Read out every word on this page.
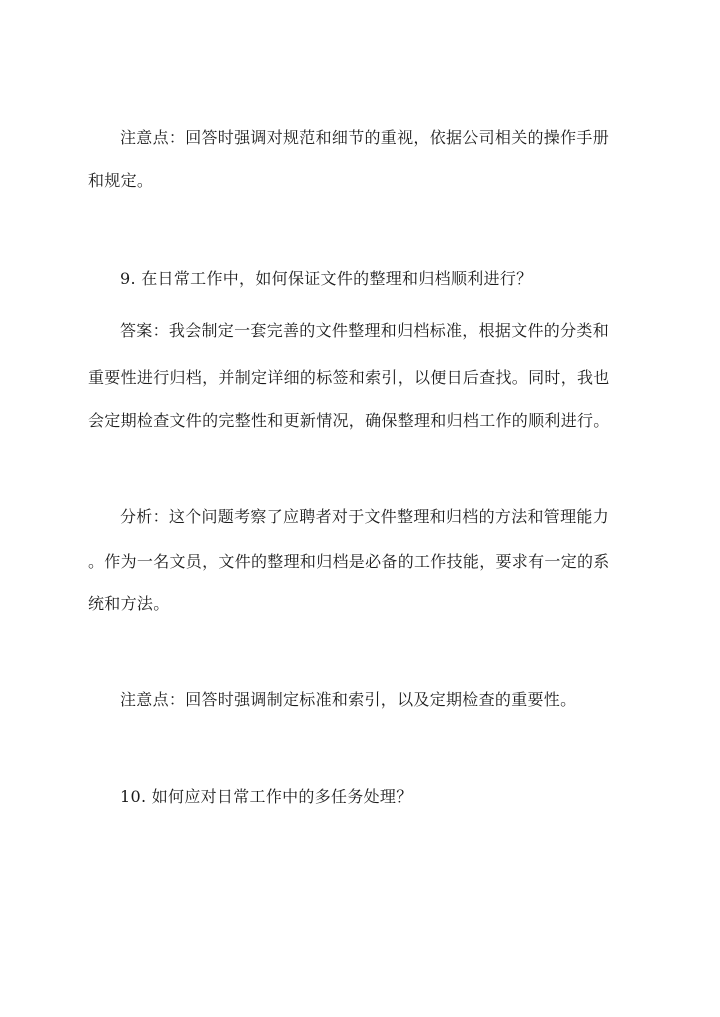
注意点：回答时强调对规范和细节的重视，依据公司相关的操作手册
和规定。
9. 在日常工作中，如何保证文件的整理和归档顺利进行？
答案：我会制定一套完善的文件整理和归档标准，根据文件的分类和
重要性进行归档，并制定详细的标签和索引，以便日后查找。同时，我也
会定期检查文件的完整性和更新情况，确保整理和归档工作的顺利进行。
分析：这个问题考察了应聘者对于文件整理和归档的方法和管理能力
。作为一名文员，文件的整理和归档是必备的工作技能，要求有一定的系
统和方法。
注意点：回答时强调制定标准和索引，以及定期检查的重要性。
10. 如何应对日常工作中的多任务处理？
